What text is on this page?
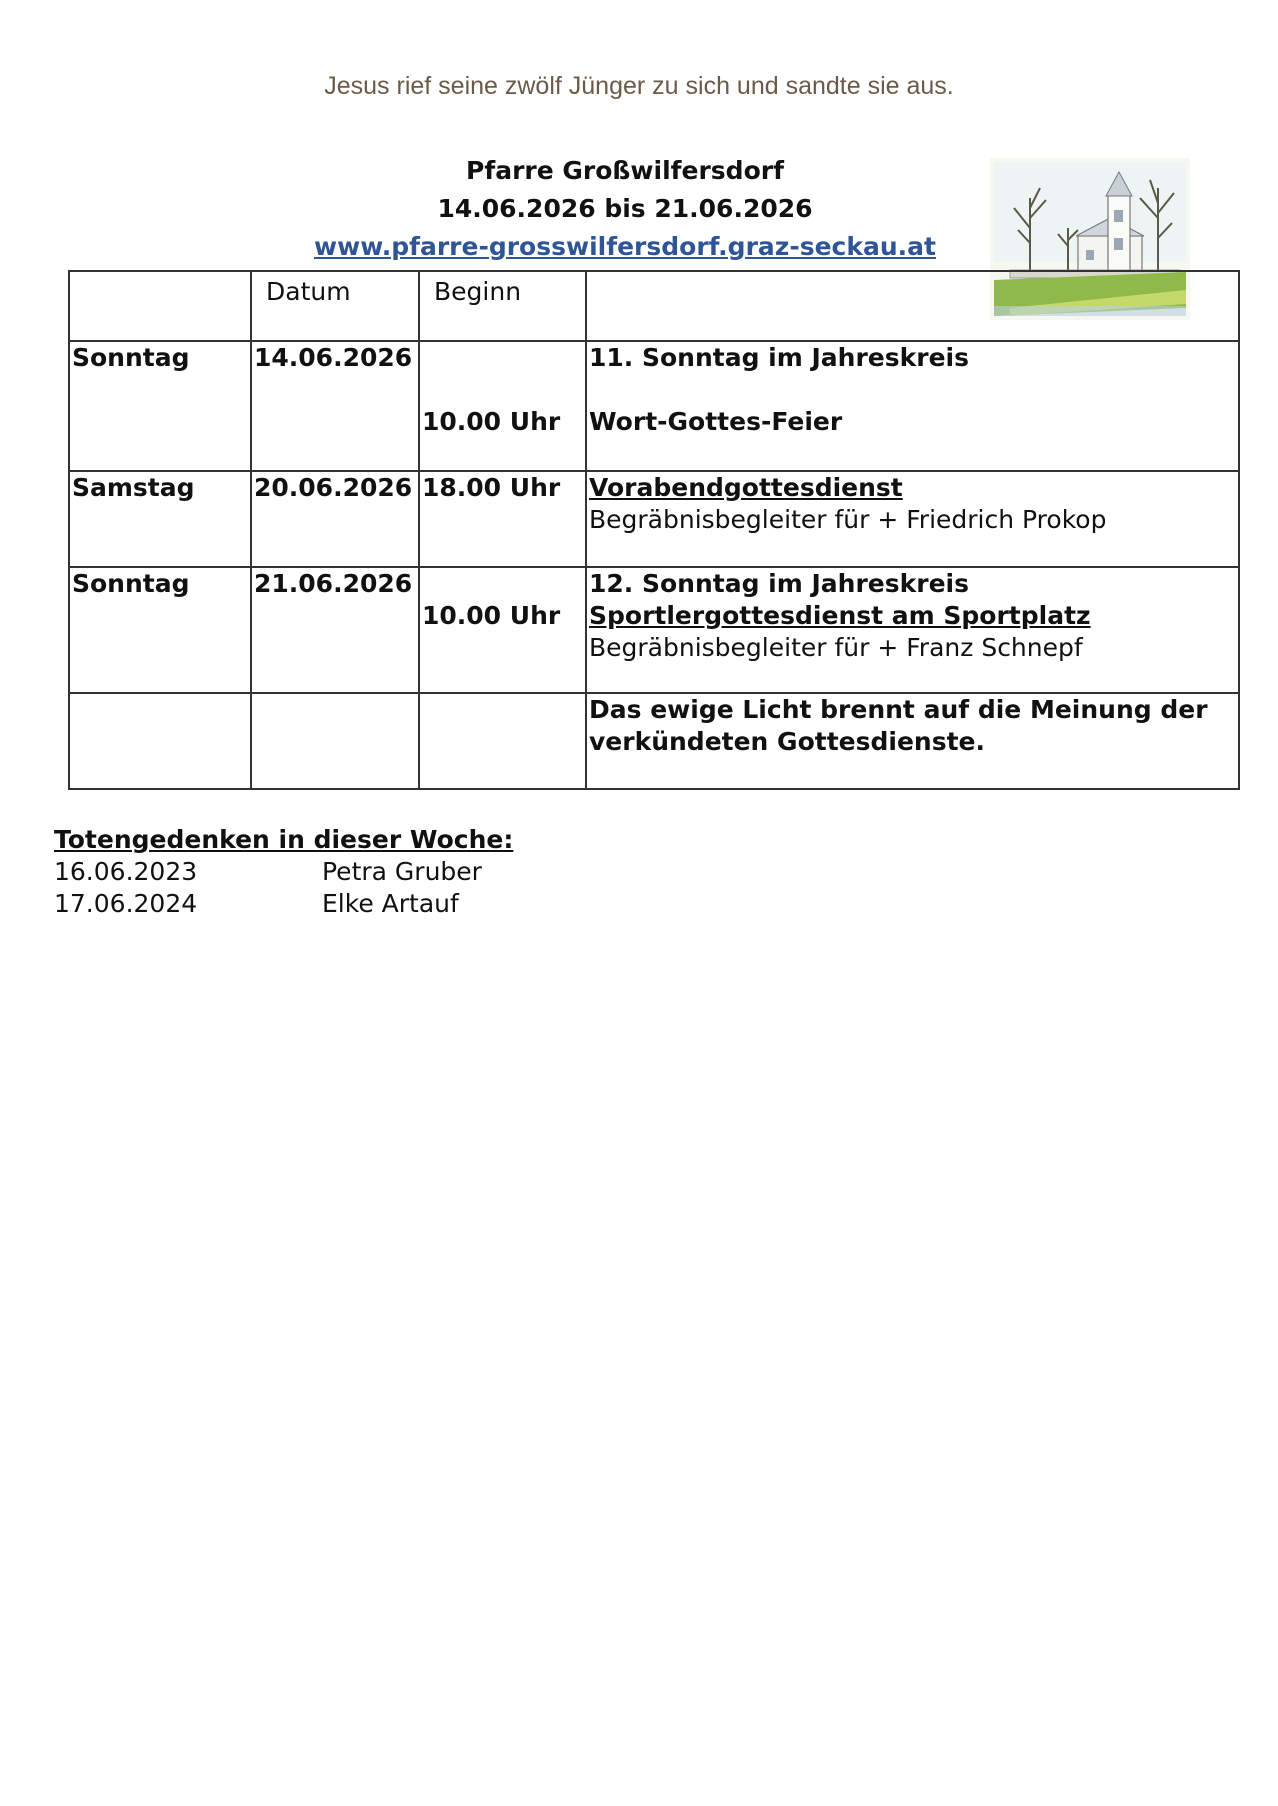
Jesus rief seine zwölf Jünger zu sich und sandte sie aus.
Pfarre Großwilfersdorf
14.06.2026 bis 21.06.2026
www.pfarre-grosswilfersdorf.graz-seckau.at
	Datum	Beginn	
Sonntag	14.06.2026	10.00 Uhr	11. Sonntag im Jahreskreis
Wort-Gottes-Feier

Samstag	20.06.2026	18.00 Uhr	Vorabendgottesdienst
Begräbnisbegleiter für + Friedrich Prokop

Sonntag	21.06.2026	10.00 Uhr	12. Sonntag im Jahreskreis
Sportlergottesdienst am Sportplatz
Begräbnisbegleiter für + Franz Schnepf

			Das ewige Licht brennt auf die Meinung der
verkündeten Gottesdienste.
Totengedenken in dieser Woche:
16.06.2023	Petra Gruber
17.06.2024	Elke Artauf
